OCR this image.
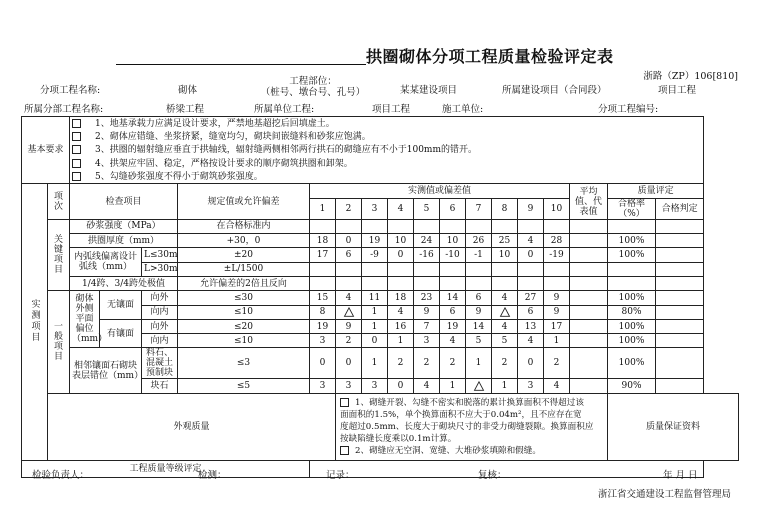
拱圈砌体分项工程质量检验评定表
浙路（ZP）106[810]
分项工程名称:	砌体
工程部位：
（桩号、墩台号、孔号）	某某建设项目	所属建设项目（合同段）	项目工程
所属分部工程名称:	桥梁工程	所属单位工程:	项目工程	施工单位:	分项工程编号:
基本要求		1、地基承载力应满足设计要求，严禁地基超挖后回填虚土。																
		2、砌体应错缝、坐浆挤紧，缝宽均匀，砌块间嵌缝料和砂浆应饱满。																
		3、拱圈的辐射缝应垂直于拱轴线，辐射缝两侧相邻两行拱石的砌缝应有不小于100mm的错开。																
		4、拱架应牢固、稳定，严格按设计要求的顺序砌筑拱圈和卸架。																
		5、勾缝砂浆强度不得小于砌筑砂浆强度。																
实测项目	项次	检查项目			规定值或允许偏差	实测值或偏差值										平均值、代表值	质量评定	
						1	2	3	4	5	6	7	8	9	10		合格率（%）	合格判定
	关键项目	砂浆强度（MPa）			在合格标准内													
		拱圈厚度（mm）			+30，0	18	0	19	10	24	10	26	25	4	28		100%	
		内弧线偏离设计弧线（mm）		L≤30m	±20	17	6	-9	0	-16	-10	-1	10	0	-19		100%	
				L>30m	±L/1500													
		1/4跨、3/4跨处极值			允许偏差的2倍且反向													
	一般项目	砌体外侧平面偏位（mm）	无镶面	向外	≤30	15	4	11	18	23	14	6	4	27	9		100%	
				向内	≤10	8		1	4	9	6	9		6	9		80%	
			有镶面	向外	≤20	19	9	1	16	7	19	14	4	13	17		100%	
				向内	≤10	3	2	0	1	3	4	5	5	4	1		100%	
		相邻镶面石砌块表层错位（mm）		料石、混凝土预制块	≤3	0	0	1	2	2	2	1	2	0	2		100%	
				块石	≤5	3	3	3	0	4	1		1	3	4		90%	
	外观质量						1、砌缝开裂、勾缝不密实和脱落的累计换算面积不得超过该
面面积的1.5%，单个换算面积不应大于0.04m²，且不应存在宽
度超过0.5mm、长度大于砌块尺寸的非受力砌缝裂隙。换算面积应
按缺陷缝长度乘以0.1m计算。
2、砌缝应无空洞、宽缝、大堆砂浆填隙和假缝。										质量保证资料	
工程质量等级评定																		
检验负责人：	检测：	记录：	复核：	年 月 日
浙江省交通建设工程监督管理局
